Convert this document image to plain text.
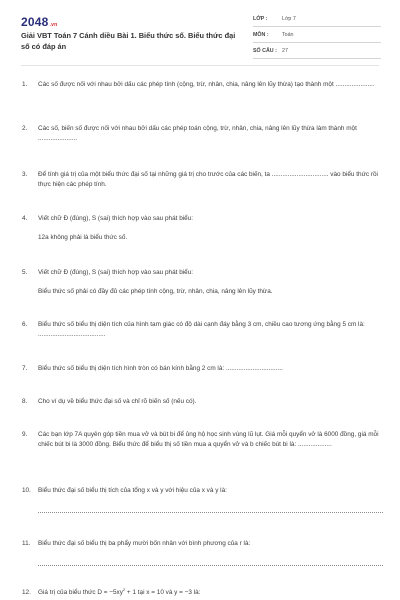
2048.vn
Giải VBT Toán 7 Cánh diều Bài 1. Biểu thức số. Biểu thức đại số có đáp án
LỚP :	Lớp 7
MÔN :	Toán
SỐ CÂU : 27
1. Các số được nối với nhau bởi dấu các phép tính (cộng, trừ, nhân, chia, nâng lên lũy thừa) tạo thành một ......................
2. Các số, biến số được nối với nhau bởi dấu các phép toán cộng, trừ, nhân, chia, nâng lên lũy thừa làm thành một ......................
3. Để tính giá trị của một biểu thức đại số tại những giá trị cho trước của các biến, ta ................................ vào biểu thức rồi thực hiện các phép tính.
4. Viết chữ Đ (đúng), S (sai) thích hợp vào sau phát biểu:
12a không phải là biểu thức số.
5. Viết chữ Đ (đúng), S (sai) thích hợp vào sau phát biểu:
Biểu thức số phải có đầy đủ các phép tính cộng, trừ, nhân, chia, nâng lên lũy thừa.
6. Biểu thức số biểu thị diện tích của hình tam giác có độ dài cạnh đáy bằng 3 cm, chiều cao tương ứng bằng 5 cm là: ......................................
7. Biểu thức số biểu thị diện tích hình tròn có bán kính bằng 2 cm là: ................................
8. Cho ví dụ về biểu thức đại số và chỉ rõ biến số (nếu có).
9. Các bạn lớp 7A quyên góp tiền mua vở và bút bi để ủng hộ học sinh vùng lũ lụt. Giá mỗi quyển vở là 6000 đồng, giá mỗi chiếc bút bi là 3000 đồng. Biểu thức để biểu thị số tiền mua a quyển vở và b chiếc bút bi là: ...................
10. Biểu thức đại số biểu thị tích của tổng x và y với hiệu của x và y là:
11. Biểu thức đại số biểu thị ba phẩy mười bốn nhân với bình phương của r là:
12. Giá trị của biểu thức $D = -5xy^2 + 1$ tại x = 10 và y = −3 là:
